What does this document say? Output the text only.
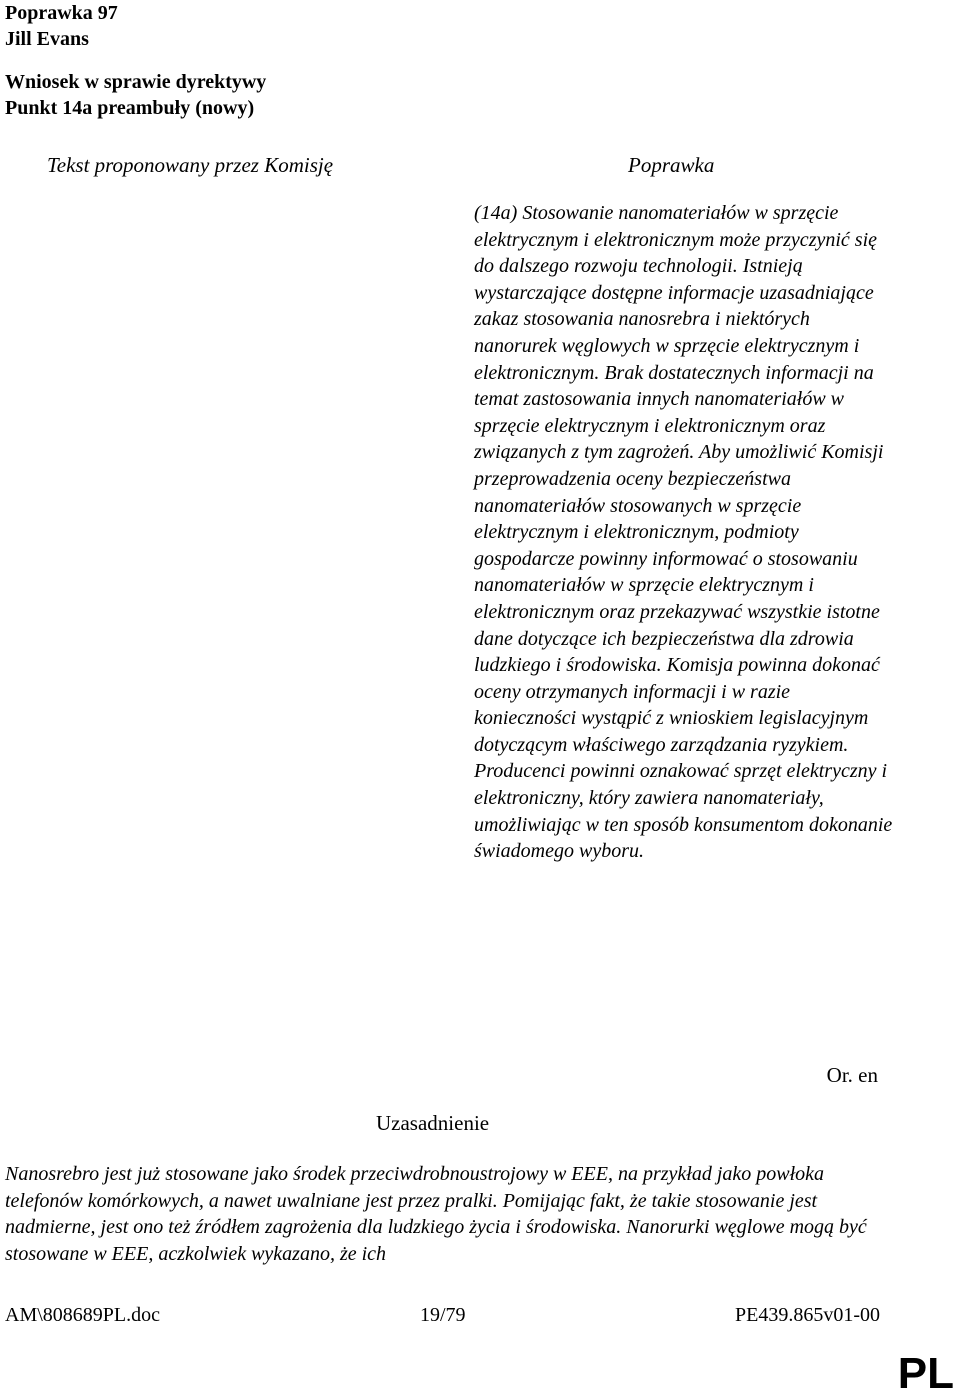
Poprawka 97
Jill Evans
Wniosek w sprawie dyrektywy
Punkt 14a preambuły (nowy)
Tekst proponowany przez Komisję	Poprawka

(14a) Stosowanie nanomateriałów w sprzęcie elektrycznym i elektronicznym może przyczynić się do dalszego rozwoju technologii. Istnieją wystarczające dostępne informacje uzasadniające zakaz stosowania nanosrebra i niektórych nanorurek węglowych w sprzęcie elektrycznym i elektronicznym. Brak dostatecznych informacji na temat zastosowania innych nanomateriałów w sprzęcie elektrycznym i elektronicznym oraz związanych z tym zagrożeń. Aby umożliwić Komisji przeprowadzenia oceny bezpieczeństwa nanomateriałów stosowanych w sprzęcie elektrycznym i elektronicznym, podmioty gospodarcze powinny informować o stosowaniu nanomateriałów w sprzęcie elektrycznym i elektronicznym oraz przekazywać wszystkie istotne dane dotyczące ich bezpieczeństwa dla zdrowia ludzkiego i środowiska. Komisja powinna dokonać oceny otrzymanych informacji i w razie konieczności wystąpić z wnioskiem legislacyjnym dotyczącym właściwego zarządzania ryzykiem. Producenci powinni oznakować sprzęt elektryczny i elektroniczny, który zawiera nanomateriały, umożliwiając w ten sposób konsumentom dokonanie świadomego wyboru.

Or. en
Uzasadnienie

Nanosrebro jest już stosowane jako środek przeciwdrobnoustrojowy w EEE, na przykład jako powłoka telefonów komórkowych, a nawet uwalniane jest przez pralki. Pomijając fakt, że takie stosowanie jest nadmierne, jest ono też źródłem zagrożenia dla ludzkiego życia i środowiska. Nanorurki węglowe mogą być stosowane w EEE, aczkolwiek wykazano, że ich

AM\808689PL.doc	19/79	PE439.865v01-00
PL
